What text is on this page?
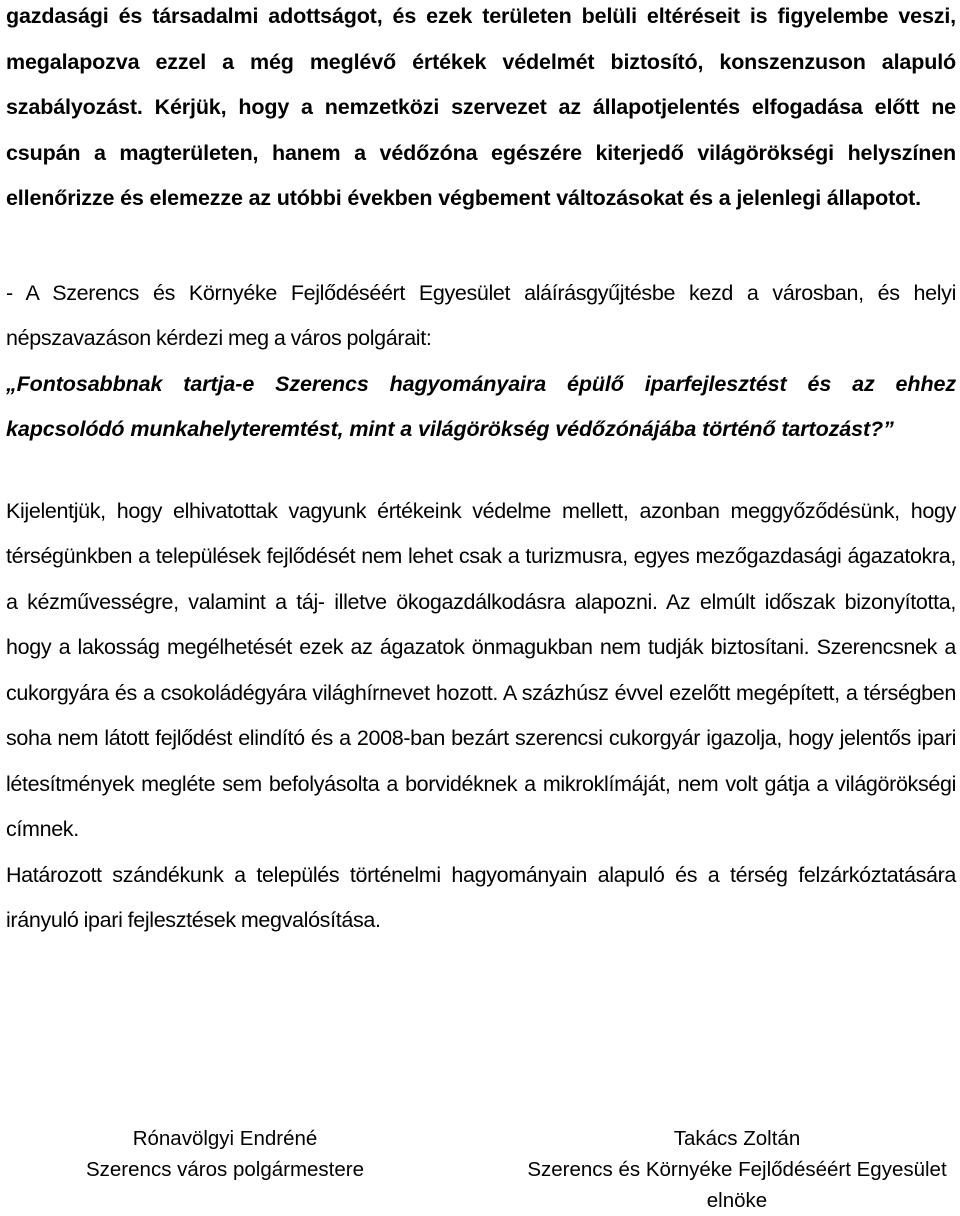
gazdasági és társadalmi adottságot, és ezek területen belüli eltéréseit is figyelembe veszi, megalapozva ezzel a még meglévő értékek védelmét biztosító, konszenzuson alapuló szabályozást. Kérjük, hogy a nemzetközi szervezet az állapotjelentés elfogadása előtt ne csupán a magterületen, hanem a védőzóna egészére kiterjedő világörökségi helyszínen ellenőrizze és elemezze az utóbbi években végbement változásokat és a jelenlegi állapotot.

- A Szerencs és Környéke Fejlődéséért Egyesület aláírásgyűjtésbe kezd a városban, és helyi népszavazáson kérdezi meg a város polgárait:

„Fontosabbnak tartja-e Szerencs hagyományaira épülő iparfejlesztést és az ehhez kapcsolódó munkahelyteremtést, mint a világörökség védőzónájába történő tartozást?”

Kijelentjük, hogy elhivatottak vagyunk értékeink védelme mellett, azonban meggyőződésünk, hogy térségünkben a települések fejlődését nem lehet csak a turizmusra, egyes mezőgazdasági ágazatokra, a kézművességre, valamint a táj- illetve ökogazdálkodásra alapozni. Az elmúlt időszak bizonyította, hogy a lakosság megélhetését ezek az ágazatok önmagukban nem tudják biztosítani. Szerencsnek a cukorgyára és a csokoládégyára világhírnevet hozott. A százhúsz évvel ezelőtt megépített, a térségben soha nem látott fejlődést elindító és a 2008-ban bezárt szerencsi cukorgyár igazolja, hogy jelentős ipari létesítmények megléte sem befolyásolta a borvidéknek a mikroklímáját, nem volt gátja a világörökségi címnek.

Határozott szándékunk a település történelmi hagyományain alapuló és a térség felzárkóztatására irányuló ipari fejlesztések megvalósítása.

Rónavölgyi Endréné
Szerencs város polgármestere
Takács Zoltán
Szerencs és Környéke Fejlődéséért Egyesület
elnöke
